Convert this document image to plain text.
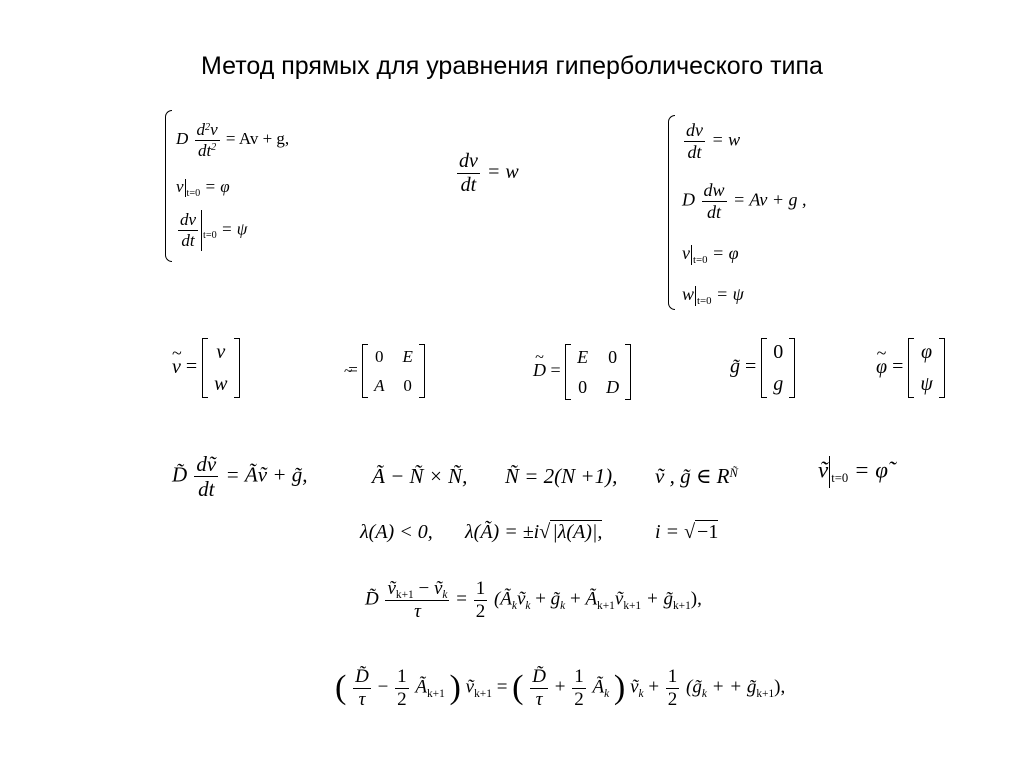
Метод прямых для уравнения гиперболического типа
D $\frac{d^2v}{dt^2} = Av + g$,
v $_{t=0}$ = φ
$\frac{dv}{dt} _{t=0} = \psi$
$\frac{dv}{dt} = w$
$\frac{dv}{dt} = w$
D $\frac{dw}{dt} = Av + g$ ,
v $_{t=0}$ = φ
w $_{t=0}$ = ψ
~ v =
v
w
=
0 E
A 0
~ D =
E 0
0 D
g̃ =
0
g
~ φ =
φ
ψ
D̃ $\frac{\text{dṽ}}{dt}$ = Ãṽ + g̃,	Ã − Ñ × Ñ, Ñ = 2(N +1), ṽ , g̃ ∈ $R^Ñ$	ṽt=0 = φ̃
λ(A) < 0, λ(Ã) = ±i√ |λ(A)|,	i = √ −1
D̃ $\frac{ṽ_{k+1} - ṽ_k}{\tau} = \frac{1}{2}$ ($Ã_kṽ_k$ + $g̃_k$ + $Ã_{k+1}ṽ_{k+1}$ + $g̃_{k+1}$),
( $\frac{D̃}{\tau} - \frac{1}{2}$ $Ã_{k+1}$ ) ṽ$_{k+1}$ = ( $\frac{D̃}{\tau} + \frac{1}{2}$ $Ã_k$ ) ṽ$_k$ + $\frac{1}{2}$ ($g̃_k$ + + $g̃_{k+1}$),
